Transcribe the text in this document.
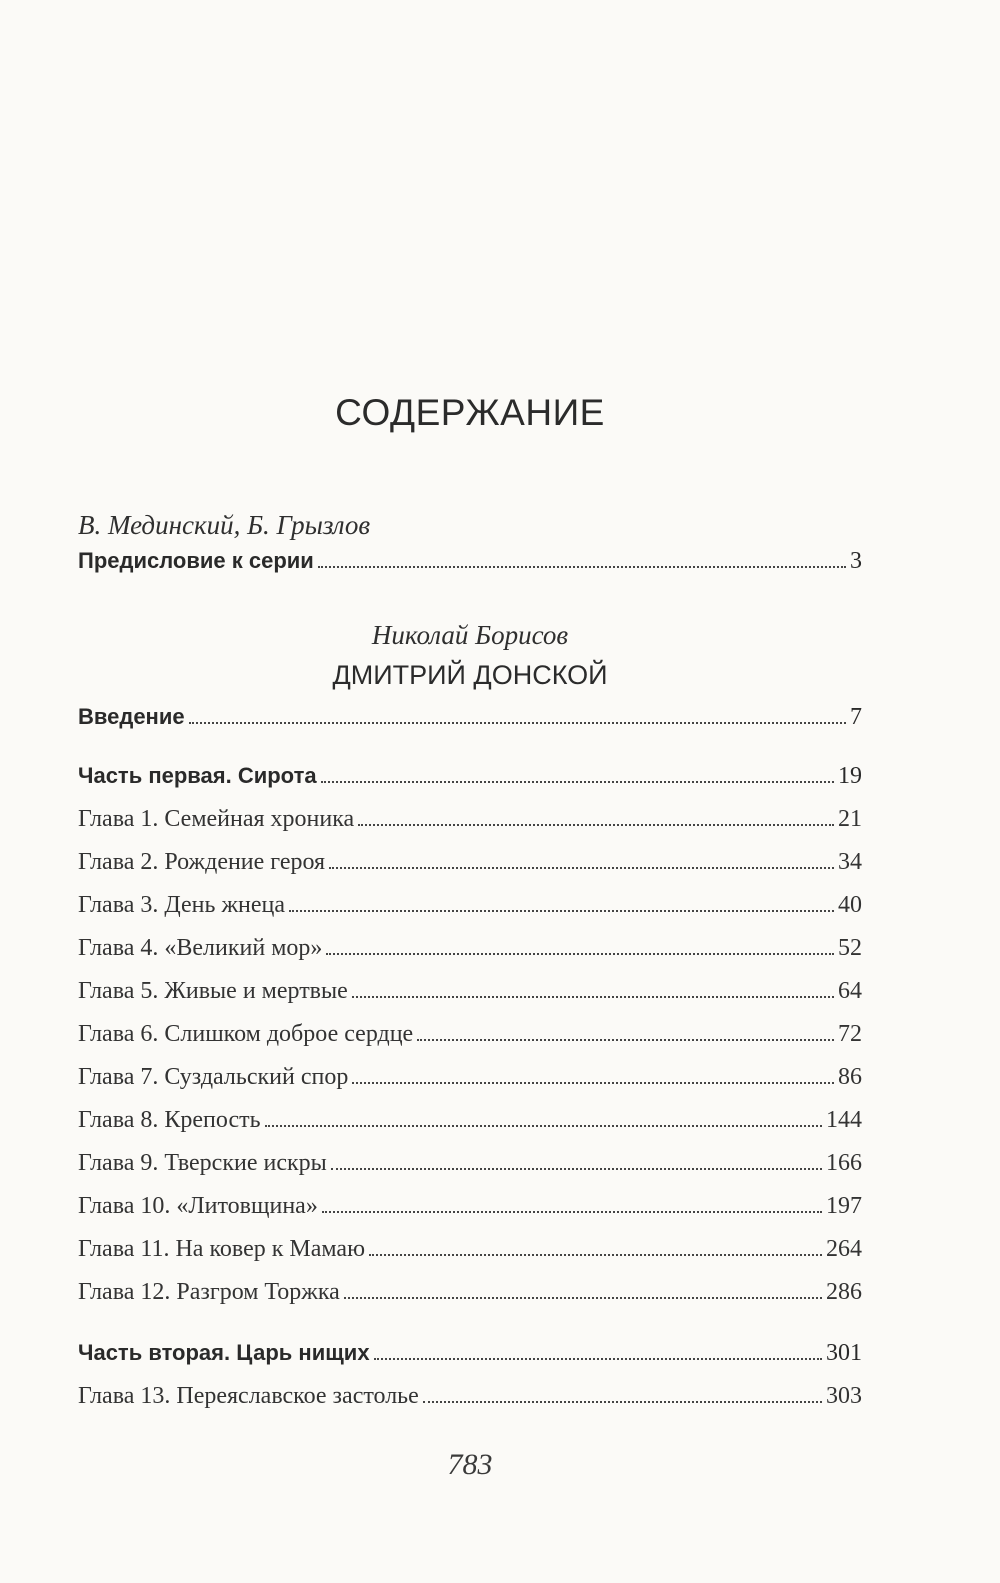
СОДЕРЖАНИЕ
В. Мединский, Б. Грызлов
Предисловие к серии	3
Николай Борисов
ДМИТРИЙ ДОНСКОЙ
Введение	7
Часть первая. Сирота	19
Глава 1. Семейная хроника	21
Глава 2. Рождение героя	34
Глава 3. День жнеца	40
Глава 4. «Великий мор»	52
Глава 5. Живые и мертвые	64
Глава 6. Слишком доброе сердце	72
Глава 7. Суздальский спор	86
Глава 8. Крепость	144
Глава 9. Тверские искры	166
Глава 10. «Литовщина»	197
Глава 11. На ковер к Мамаю	264
Глава 12. Разгром Торжка	286
Часть вторая. Царь нищих	301
Глава 13. Переяславское застолье	303
783
